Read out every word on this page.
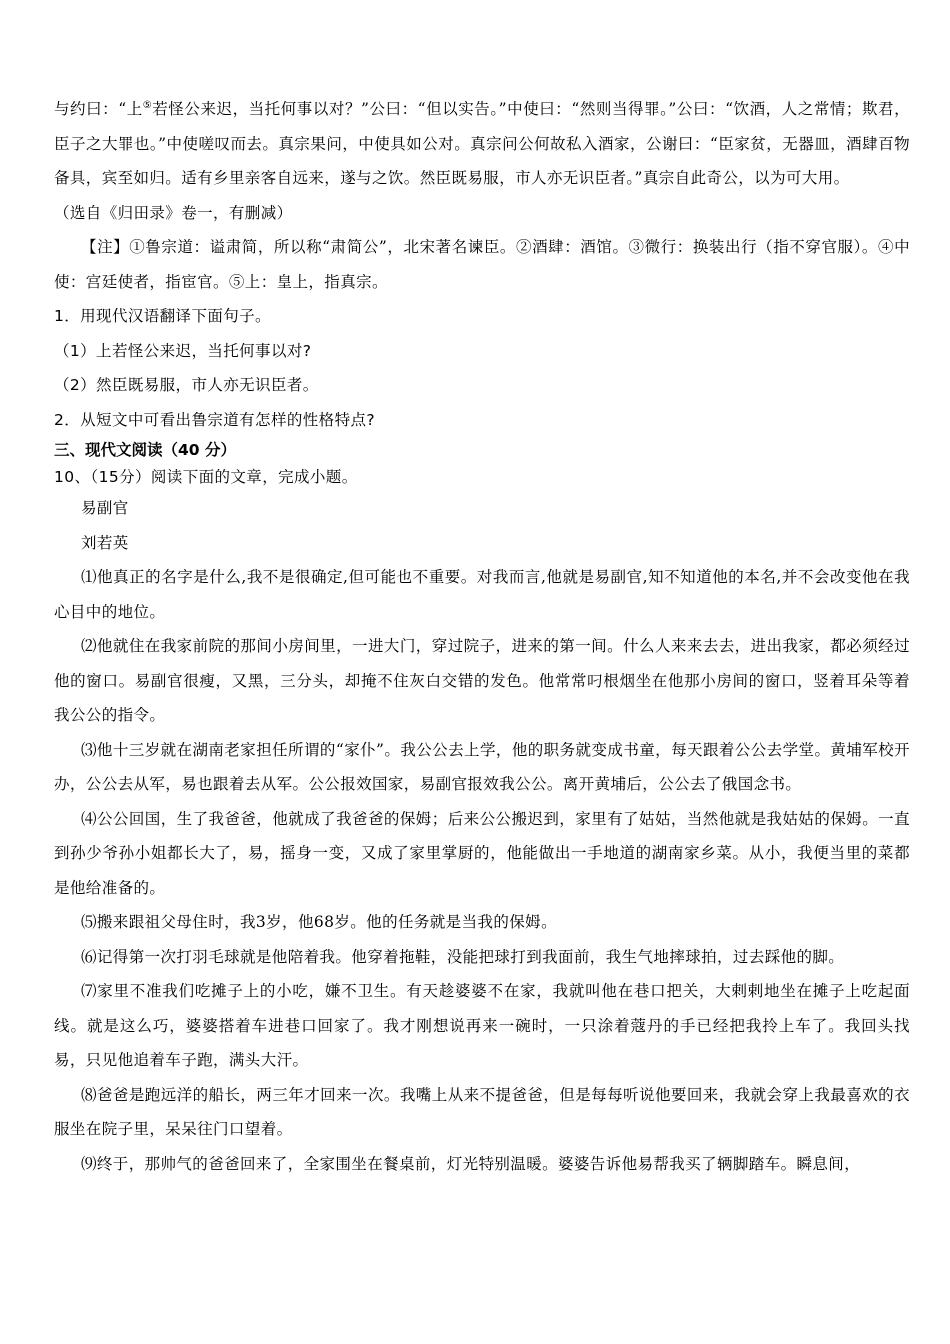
与约曰：“上⑤若怪公来迟，当托何事以对？”公曰：“但以实告。”中使曰：“然则当得罪。”公曰：“饮酒，人之常情；欺君，臣子之大罪也。”中使嗟叹而去。真宗果问，中使具如公对。真宗问公何故私入酒家，公谢曰：“臣家贫，无器皿，酒肆百物备具，宾至如归。适有乡里亲客自远来，遂与之饮。然臣既易服，市人亦无识臣者。”真宗自此奇公，以为可大用。

（选自《归田录》卷一，有删减）

【注】①鲁宗道：谥肃简，所以称“肃简公”，北宋著名谏臣。②酒肆：酒馆。③微行：换装出行（指不穿官服）。④中使：宫廷使者，指宦官。⑤上：皇上，指真宗。

1．用现代汉语翻译下面句子。

（1）上若怪公来迟，当托何事以对?

（2）然臣既易服，市人亦无识臣者。

2．从短文中可看出鲁宗道有怎样的性格特点?

三、现代文阅读（40 分）

10、（15分）阅读下面的文章，完成小题。

易副官

刘若英

⑴他真正的名字是什么,我不是很确定,但可能也不重要。对我而言,他就是易副官,知不知道他的本名,并不会改变他在我心目中的地位。

⑵他就住在我家前院的那间小房间里，一进大门，穿过院子，进来的第一间。什么人来来去去，进出我家，都必须经过他的窗口。易副官很瘦，又黑，三分头，却掩不住灰白交错的发色。他常常叼根烟坐在他那小房间的窗口，竖着耳朵等着我公公的指令。

⑶他十三岁就在湖南老家担任所谓的“家仆”。我公公去上学，他的职务就变成书童，每天跟着公公去学堂。黄埔军校开办，公公去从军，易也跟着去从军。公公报效国家，易副官报效我公公。离开黄埔后，公公去了俄国念书。

⑷公公回国，生了我爸爸，他就成了我爸爸的保姆；后来公公搬迟到，家里有了姑姑，当然他就是我姑姑的保姆。一直到孙少爷孙小姐都长大了，易，摇身一变，又成了家里掌厨的，他能做出一手地道的湖南家乡菜。从小，我便当里的菜都是他给准备的。

⑸搬来跟祖父母住时，我3岁，他68岁。他的任务就是当我的保姆。

⑹记得第一次打羽毛球就是他陪着我。他穿着拖鞋，没能把球打到我面前，我生气地摔球拍，过去踩他的脚。

⑺家里不准我们吃摊子上的小吃，嫌不卫生。有天趁婆婆不在家，我就叫他在巷口把关，大剌剌地坐在摊子上吃起面线。就是这么巧，婆婆搭着车进巷口回家了。我才刚想说再来一碗时，一只涂着蔻丹的手已经把我拎上车了。我回头找易，只见他追着车子跑，满头大汗。

⑻爸爸是跑远洋的船长，两三年才回来一次。我嘴上从来不提爸爸，但是每每听说他要回来，我就会穿上我最喜欢的衣服坐在院子里，呆呆往门口望着。

⑼终于，那帅气的爸爸回来了，全家围坐在餐桌前，灯光特别温暖。婆婆告诉他易帮我买了辆脚踏车。瞬息间，
